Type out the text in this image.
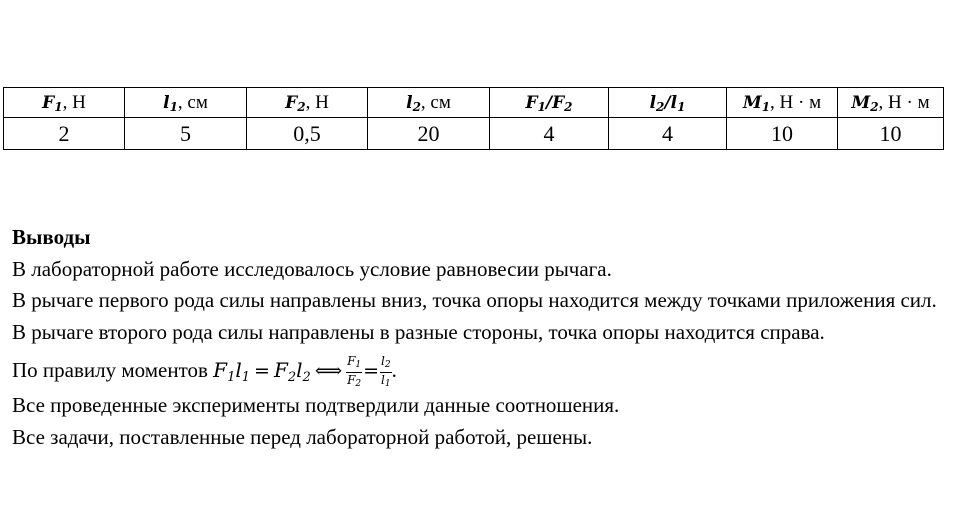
$F_1$, Н	$l_1$, см	$F_2$, Н	$l_2$, см	$F_1/F_2$	$l_2/l_1$	$M_1$, Н · м	$M_2$, Н · м
2	5	0,5	20	4	4	10	10
Выводы
В лабораторной работе исследовалось условие равновесии рычага.
В рычаге первого рода силы направлены вниз, точка опоры находится между точками приложения сил. В рычаге второго рода силы направлены в разные стороны, точка опоры находится справа.
По правилу моментов $F_1l_1 = F_2l_2$ ⟺ $\frac{F_1}{F_2} = \frac{l_2}{l_1}$ .
Все проведенные эксперименты подтвердили данные соотношения.
Все задачи, поставленные перед лабораторной работой, решены.
